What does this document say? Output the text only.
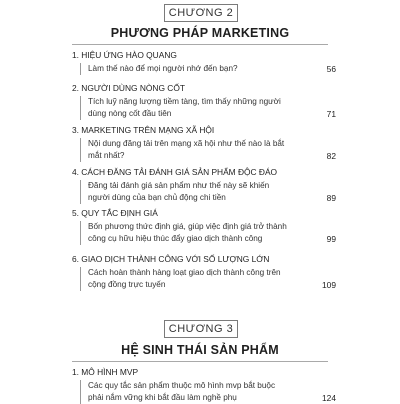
CHƯƠNG 2
PHƯƠNG PHÁP MARKETING
1. HIỆU ỨNG HÀO QUANG
Làm thế nào để mọi người nhớ đến bạn?	56
2. NGƯỜI DÙNG NÒNG CỐT
Tích luỹ năng lượng tiềm tàng, tìm thấy những người dùng nòng cốt đầu tiên	71
3. MARKETING TRÊN MẠNG XÃ HỘI
Nội dung đăng tải trên mạng xã hội như thế nào là bắt mắt nhất?	82
4. CÁCH ĐĂNG TẢI ĐÁNH GIÁ SẢN PHẨM ĐỘC ĐÁO
Đăng tải đánh giá sản phẩm như thế này sẽ khiến người dùng của bạn chủ động chi tiền	89
5. QUY TẮC ĐỊNH GIÁ
Bốn phương thức định giá, giúp việc định giá trở thành công cụ hữu hiệu thúc đẩy giao dịch thành công	99
6. GIAO DỊCH THÀNH CÔNG VỚI SỐ LƯỢNG LỚN
Cách hoàn thành hàng loạt giao dịch thành công trên cộng đồng trực tuyến	109
CHƯƠNG 3
HỆ SINH THÁI SẢN PHẨM
1. MÔ HÌNH MVP
Các quy tắc sản phẩm thuộc mô hình mvp bắt buộc phải nắm vững khi bắt đầu làm nghề phụ	124
